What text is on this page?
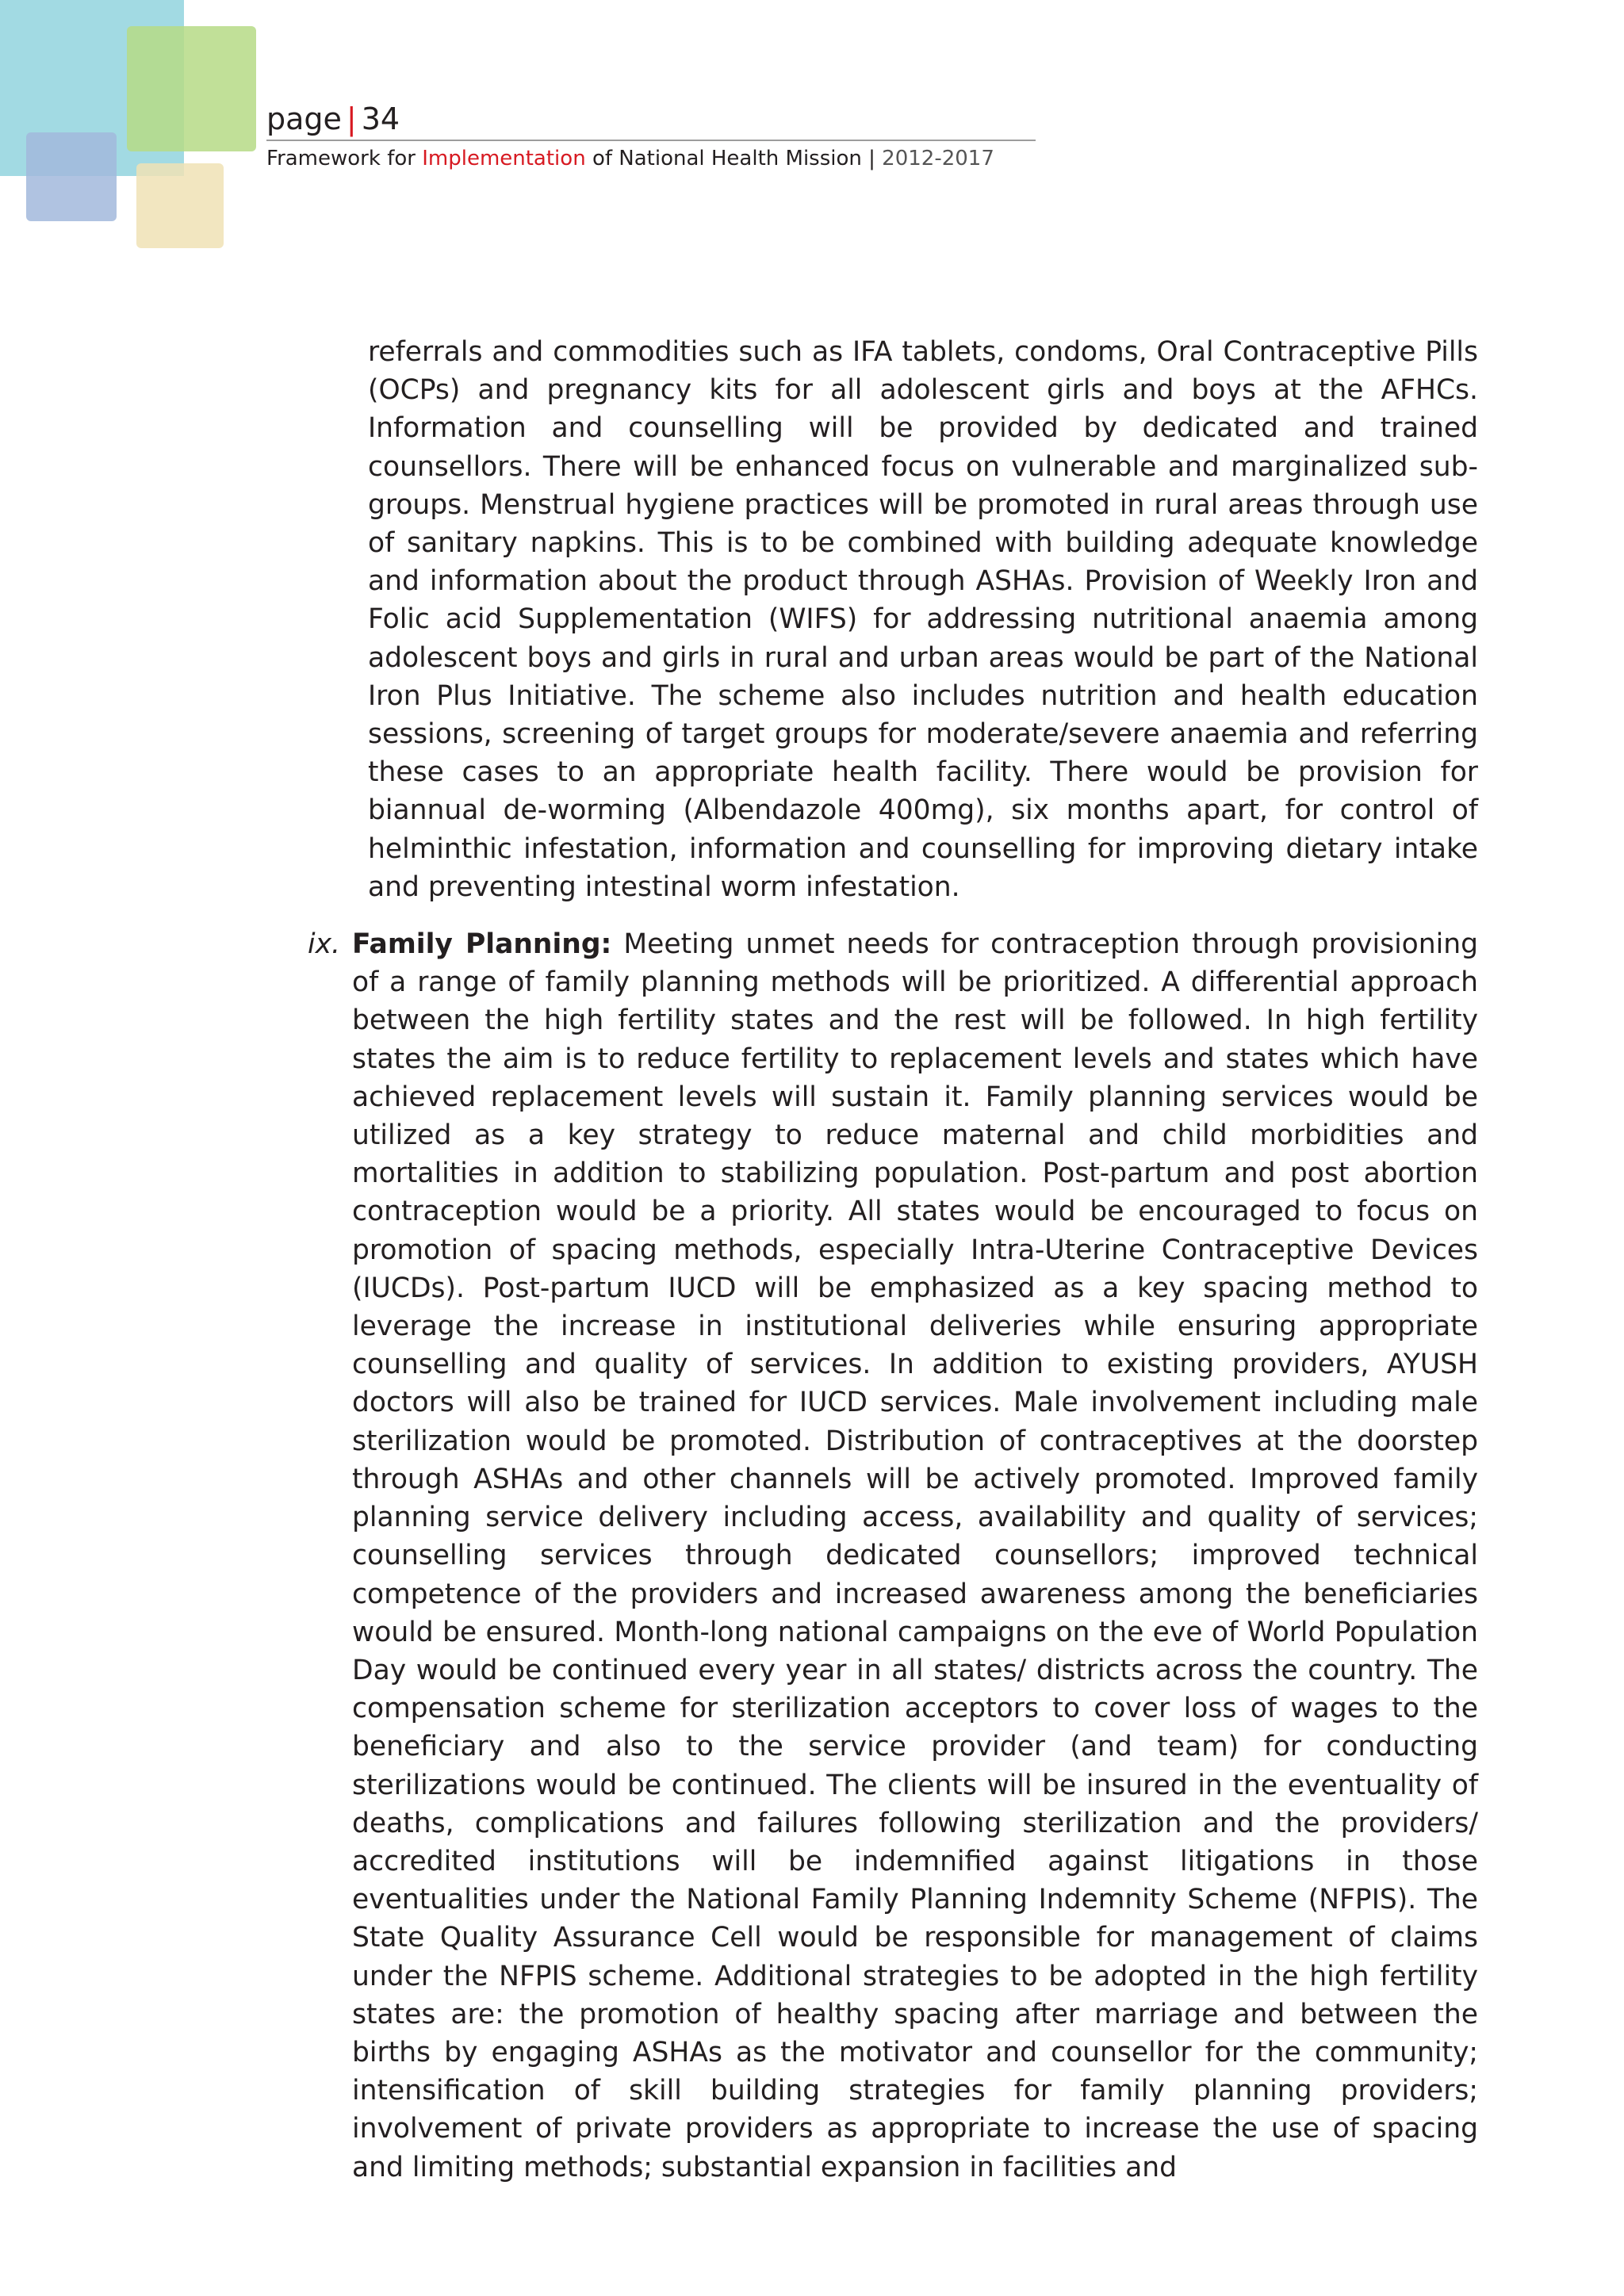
page | 34
Framework for Implementation of National Health Mission | 2012-2017

referrals and commodities such as IFA tablets, condoms, Oral Contraceptive Pills (OCPs) and pregnancy kits for all adolescent girls and boys at the AFHCs. Information and counselling will be provided by dedicated and trained counsellors. There will be enhanced focus on vulnerable and marginalized sub-groups. Menstrual hygiene practices will be promoted in rural areas through use of sanitary napkins. This is to be combined with building adequate knowledge and information about the product through ASHAs. Provision of Weekly Iron and Folic acid Supplementation (WIFS) for addressing nutritional anaemia among adolescent boys and girls in rural and urban areas would be part of the National Iron Plus Initiative. The scheme also includes nutrition and health education sessions, screening of target groups for moderate/severe anaemia and referring these cases to an appropriate health facility. There would be provision for biannual de-worming (Albendazole 400mg), six months apart, for control of helminthic infestation, information and counselling for improving dietary intake and preventing intestinal worm infestation.

ix. Family Planning: Meeting unmet needs for contraception through provisioning of a range of family planning methods will be prioritized. A differential approach between the high fertility states and the rest will be followed. In high fertility states the aim is to reduce fertility to replacement levels and states which have achieved replacement levels will sustain it. Family planning services would be utilized as a key strategy to reduce maternal and child morbidities and mortalities in addition to stabilizing population. Post-partum and post abortion contraception would be a priority. All states would be encouraged to focus on promotion of spacing methods, especially Intra-Uterine Contraceptive Devices (IUCDs). Post-partum IUCD will be emphasized as a key spacing method to leverage the increase in institutional deliveries while ensuring appropriate counselling and quality of services. In addition to existing providers, AYUSH doctors will also be trained for IUCD services. Male involvement including male sterilization would be promoted. Distribution of contraceptives at the doorstep through ASHAs and other channels will be actively promoted. Improved family planning service delivery including access, availability and quality of services; counselling services through dedicated counsellors; improved technical competence of the providers and increased awareness among the beneficiaries would be ensured. Month-long national campaigns on the eve of World Population Day would be continued every year in all states/ districts across the country. The compensation scheme for sterilization acceptors to cover loss of wages to the beneficiary and also to the service provider (and team) for conducting sterilizations would be continued. The clients will be insured in the eventuality of deaths, complications and failures following sterilization and the providers/ accredited institutions will be indemnified against litigations in those eventualities under the National Family Planning Indemnity Scheme (NFPIS). The State Quality Assurance Cell would be responsible for management of claims under the NFPIS scheme. Additional strategies to be adopted in the high fertility states are: the promotion of healthy spacing after marriage and between the births by engaging ASHAs as the motivator and counsellor for the community; intensification of skill building strategies for family planning providers; involvement of private providers as appropriate to increase the use of spacing and limiting methods; substantial expansion in facilities and
